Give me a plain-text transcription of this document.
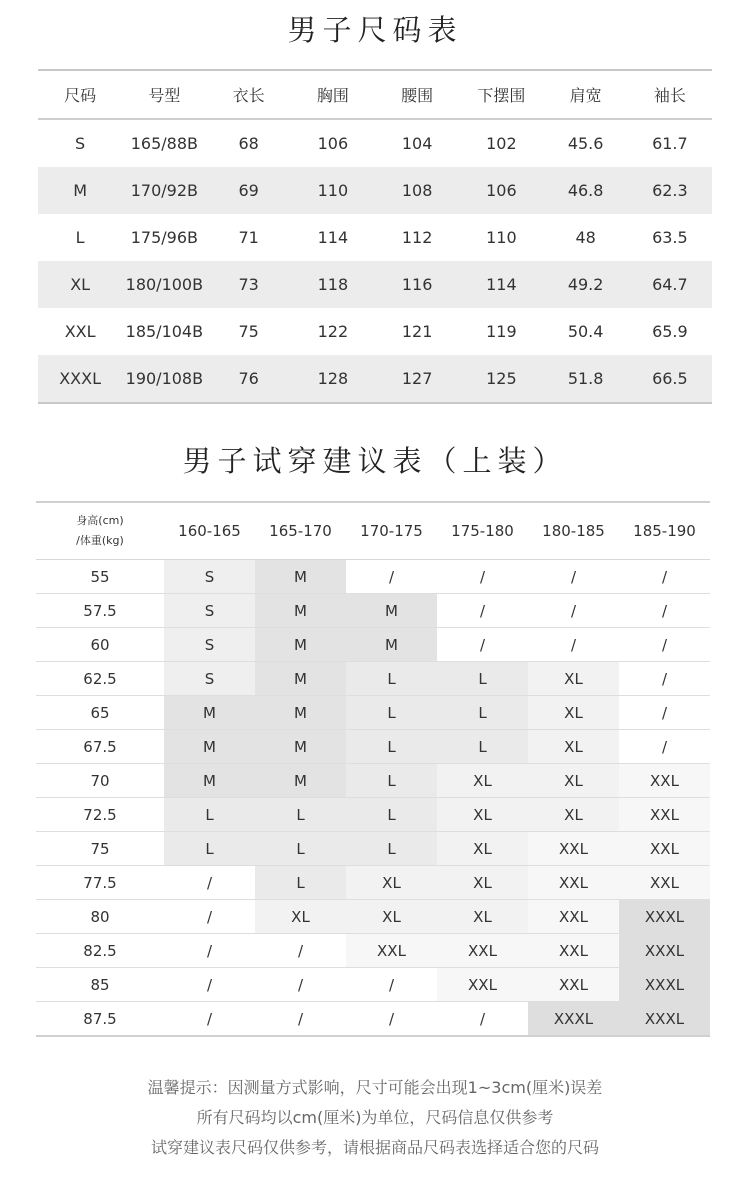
男子尺码表
尺码	号型	衣长	胸围	腰围	下摆围	肩宽	袖长
S	165/88B	68	106	104	102	45.6	61.7
M	170/92B	69	110	108	106	46.8	62.3
L	175/96B	71	114	112	110	48	63.5
XL	180/100B	73	118	116	114	49.2	64.7
XXL	185/104B	75	122	121	119	50.4	65.9
XXXL	190/108B	76	128	127	125	51.8	66.5
男子试穿建议表（上装）
身高(cm)
/体重(kg)	160-165	165-170	170-175	175-180	180-185	185-190
55	S	M	/	/	/	/
57.5	S	M	M	/	/	/
60	S	M	M	/	/	/
62.5	S	M	L	L	XL	/
65	M	M	L	L	XL	/
67.5	M	M	L	L	XL	/
70	M	M	L	XL	XL	XXL
72.5	L	L	L	XL	XL	XXL
75	L	L	L	XL	XXL	XXL
77.5	/	L	XL	XL	XXL	XXL
80	/	XL	XL	XL	XXL	XXXL
82.5	/	/	XXL	XXL	XXL	XXXL
85	/	/	/	XXL	XXL	XXXL
87.5	/	/	/	/	XXXL	XXXL
温馨提示：因测量方式影响，尺寸可能会出现1~3cm(厘米)误差
所有尺码均以cm(厘米)为单位，尺码信息仅供参考
试穿建议表尺码仅供参考，请根据商品尺码表选择适合您的尺码
